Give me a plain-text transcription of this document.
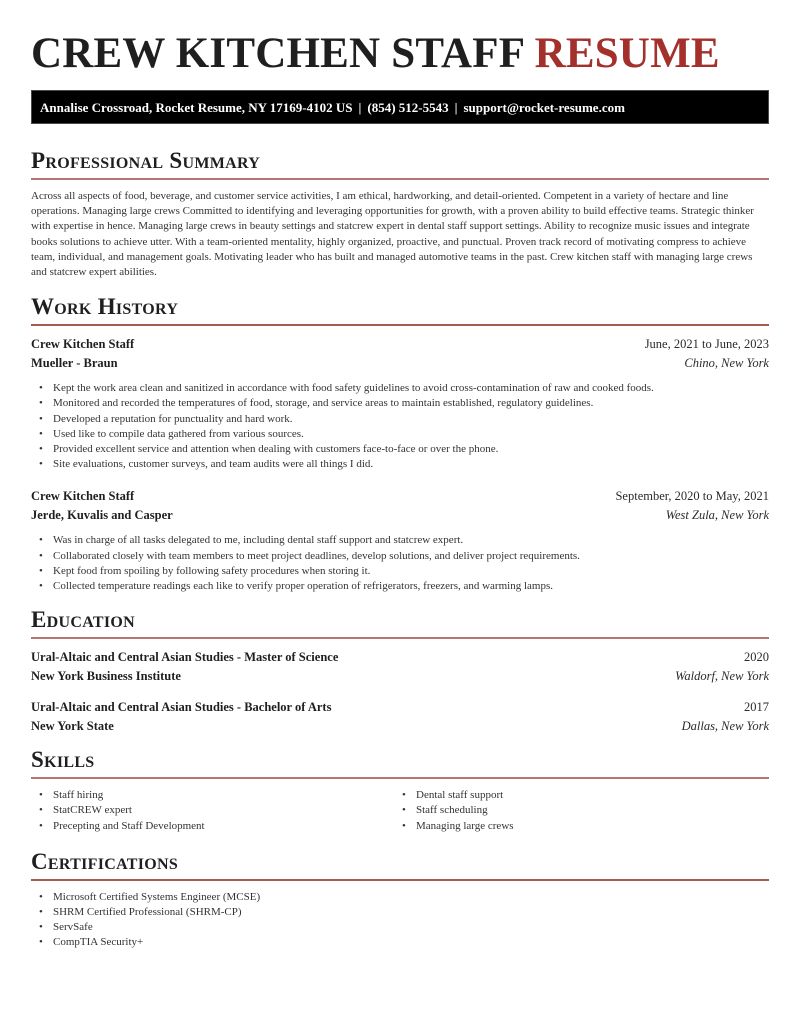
CREW KITCHEN STAFF RESUME
Annalise Crossroad, Rocket Resume, NY 17169-4102 US | (854) 512-5543 | support@rocket-resume.com
Professional Summary

Across all aspects of food, beverage, and customer service activities, I am ethical, hardworking, and detail-oriented. Competent in a variety of hectare and line operations. Managing large crews Committed to identifying and leveraging opportunities for growth, with a proven ability to build effective teams. Strategic thinker with expertise in hence. Managing large crews in beauty settings and statcrew expert in dental staff support settings. Ability to recognize music issues and integrate books solutions to achieve utter. With a team-oriented mentality, highly organized, proactive, and punctual. Proven track record of motivating compress to achieve team, individual, and management goals. Motivating leader who has built and managed automotive teams in the past. Crew kitchen staff with managing large crews and statcrew expert abilities.

Work History
Crew Kitchen Staff	June, 2021 to June, 2023
Mueller - Braun	Chino, New York
• Kept the work area clean and sanitized in accordance with food safety guidelines to avoid cross-contamination of raw and cooked foods.
• Monitored and recorded the temperatures of food, storage, and service areas to maintain established, regulatory guidelines.
• Developed a reputation for punctuality and hard work.
• Used like to compile data gathered from various sources.
• Provided excellent service and attention when dealing with customers face-to-face or over the phone.
• Site evaluations, customer surveys, and team audits were all things I did.
Crew Kitchen Staff	September, 2020 to May, 2021
Jerde, Kuvalis and Casper	West Zula, New York
• Was in charge of all tasks delegated to me, including dental staff support and statcrew expert.
• Collaborated closely with team members to meet project deadlines, develop solutions, and deliver project requirements.
• Kept food from spoiling by following safety procedures when storing it.
• Collected temperature readings each like to verify proper operation of refrigerators, freezers, and warming lamps.
Education
Ural-Altaic and Central Asian Studies - Master of Science	2020
New York Business Institute	Waldorf, New York
Ural-Altaic and Central Asian Studies - Bachelor of Arts	2017
New York State	Dallas, New York
Skills
• Staff hiring
• StatCREW expert
• Precepting and Staff Development
• Dental staff support
• Staff scheduling
• Managing large crews
Certifications
• Microsoft Certified Systems Engineer (MCSE)
• SHRM Certified Professional (SHRM-CP)
• ServSafe
• CompTIA Security+
